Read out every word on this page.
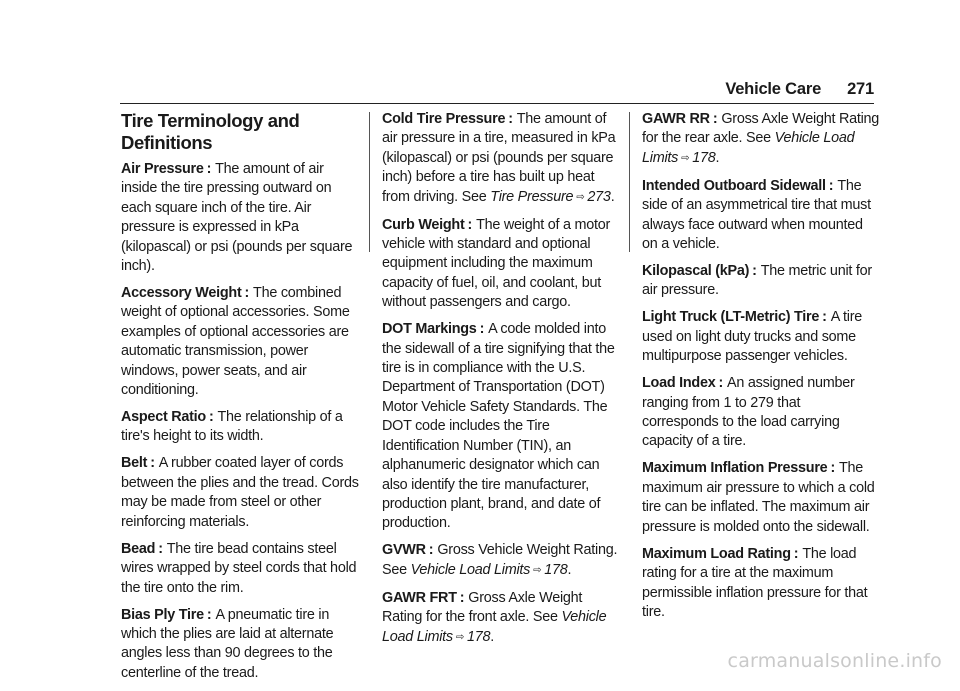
Vehicle Care 271
Tire Terminology and Definitions

Air Pressure : The amount of air inside the tire pressing outward on each square inch of the tire. Air pressure is expressed in kPa (kilopascal) or psi (pounds per square inch).

Accessory Weight : The combined weight of optional accessories. Some examples of optional accessories are automatic transmission, power windows, power seats, and air conditioning.

Aspect Ratio : The relationship of a tire's height to its width.

Belt : A rubber coated layer of cords between the plies and the tread. Cords may be made from steel or other reinforcing materials.

Bead : The tire bead contains steel wires wrapped by steel cords that hold the tire onto the rim.

Bias Ply Tire : A pneumatic tire in which the plies are laid at alternate angles less than 90 degrees to the centerline of the tread.

Cold Tire Pressure : The amount of air pressure in a tire, measured in kPa (kilopascal) or psi (pounds per square inch) before a tire has built up heat from driving. See Tire Pressure ⇨ 273.

Curb Weight : The weight of a motor vehicle with standard and optional equipment including the maximum capacity of fuel, oil, and coolant, but without passengers and cargo.

DOT Markings : A code molded into the sidewall of a tire signifying that the tire is in compliance with the U.S. Department of Transportation (DOT) Motor Vehicle Safety Standards. The DOT code includes the Tire Identification Number (TIN), an alphanumeric designator which can also identify the tire manufacturer, production plant, brand, and date of production.

GVWR : Gross Vehicle Weight Rating. See Vehicle Load Limits ⇨ 178.

GAWR FRT : Gross Axle Weight Rating for the front axle. See Vehicle Load Limits ⇨ 178.

GAWR RR : Gross Axle Weight Rating for the rear axle. See Vehicle Load Limits ⇨ 178.

Intended Outboard Sidewall : The side of an asymmetrical tire that must always face outward when mounted on a vehicle.

Kilopascal (kPa) : The metric unit for air pressure.

Light Truck (LT-Metric) Tire : A tire used on light duty trucks and some multipurpose passenger vehicles.

Load Index : An assigned number ranging from 1 to 279 that corresponds to the load carrying capacity of a tire.

Maximum Inflation Pressure : The maximum air pressure to which a cold tire can be inflated. The maximum air pressure is molded onto the sidewall.

Maximum Load Rating : The load rating for a tire at the maximum permissible inflation pressure for that tire.

carmanualsonline.info
